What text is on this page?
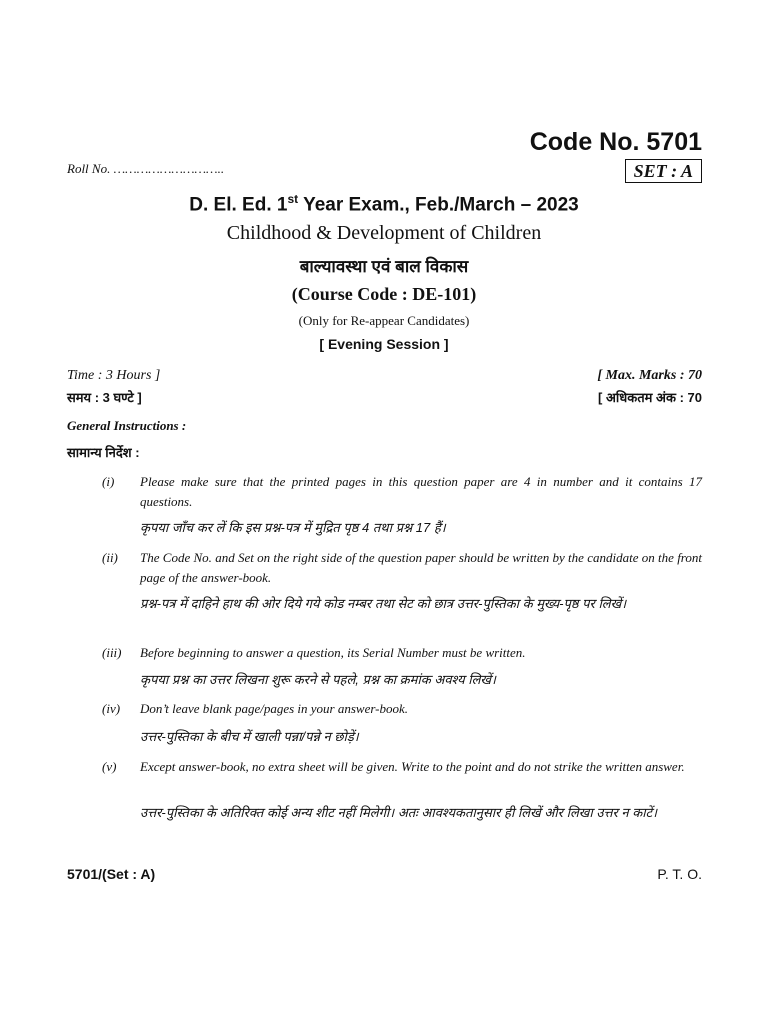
Code No. 5701
Roll No. ………………………..	SET : A
D. El. Ed. 1st Year Exam., Feb./March – 2023
Childhood & Development of Children
बाल्यावस्था एवं बाल विकास
(Course Code : DE-101)
(Only for Re-appear Candidates)
[ Evening Session ]
Time : 3 Hours ]
समय : 3 घण्टे ]
[ Max. Marks : 70
[ अधिकतम अंक : 70
General Instructions :
सामान्य निर्देश :
(i)	Please make sure that the printed pages in this question paper are 4 in number and it contains 17 questions.
कृपया जाँच कर लें कि इस प्रश्न-पत्र में मुद्रित पृष्ठ 4 तथा प्रश्न 17 हैं।
(ii)	The Code No. and Set on the right side of the question paper should be written by the candidate on the front page of the answer-book.
प्रश्न-पत्र में दाहिने हाथ की ओर दिये गये कोड नम्बर तथा सेट को छात्र उत्तर-पुस्तिका के मुख्य-पृष्ठ पर लिखें।
(iii)	Before beginning to answer a question, its Serial Number must be written.
कृपया प्रश्न का उत्तर लिखना शुरू करने से पहले, प्रश्न का क्रमांक अवश्य लिखें।
(iv)	Don’t leave blank page/pages in your answer-book.
उत्तर-पुस्तिका के बीच में खाली पन्ना/पन्ने न छोड़ें।
(v)	Except answer-book, no extra sheet will be given. Write to the point and do not strike the written answer.
उत्तर-पुस्तिका के अतिरिक्त कोई अन्य शीट नहीं मिलेगी। अतः आवश्यकतानुसार ही लिखें और लिखा उत्तर न काटें।
5701/(Set : A)	P. T. O.
